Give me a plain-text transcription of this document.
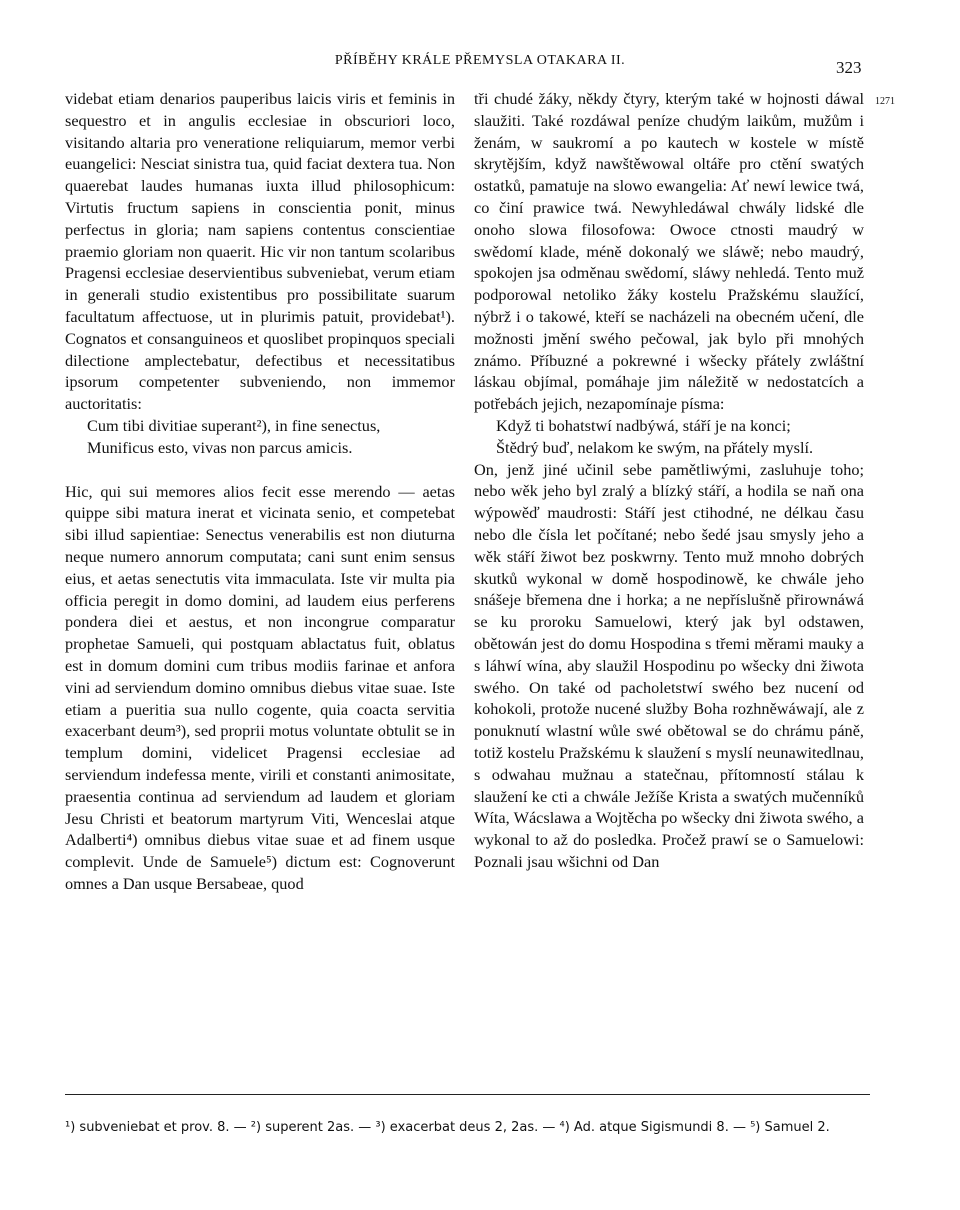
PŘÍBĚHY KRÁLE PŘEMYSLA OTAKARA II.	323
1271

videbat etiam denarios pauperibus laicis viris et feminis in sequestro et in angulis ecclesiae in obscuriori loco, visitando altaria pro veneratione reliquiarum, memor verbi euangelici: Nesciat sinistra tua, quid faciat dextera tua. Non quaerebat laudes humanas iuxta illud philosophicum: Virtutis fructum sapiens in conscientia ponit, minus perfectus in gloria; nam sapiens contentus conscientiae praemio gloriam non quaerit. Hic vir non tantum scolaribus Pragensi ecclesiae deservientibus subveniebat, verum etiam in generali studio existentibus pro possibilitate suarum facultatum affectuose, ut in plurimis patuit, providebat¹). Cognatos et consanguineos et quoslibet propinquos speciali dilectione amplectebatur, defectibus et necessitatibus ipsorum competenter subveniendo, non immemor auctoritatis:

Cum tibi divitiae superant²), in fine senectus,

Munificus esto, vivas non parcus amicis.

Hic, qui sui memores alios fecit esse merendo — aetas quippe sibi matura inerat et vicinata senio, et competebat sibi illud sapientiae: Senectus venerabilis est non diuturna neque numero annorum computata; cani sunt enim sensus eius, et aetas senectutis vita immaculata. Iste vir multa pia officia peregit in domo domini, ad laudem eius perferens pondera diei et aestus, et non incongrue comparatur prophetae Samueli, qui postquam ablactatus fuit, oblatus est in domum domini cum tribus modiis farinae et anfora vini ad serviendum domino omnibus diebus vitae suae. Iste etiam a pueritia sua nullo cogente, quia coacta servitia exacerbant deum³), sed proprii motus voluntate obtulit se in templum domini, videlicet Pragensi ecclesiae ad serviendum indefessa mente, virili et constanti animositate, praesentia continua ad serviendum ad laudem et gloriam Jesu Christi et beatorum martyrum Viti, Wenceslai atque Adalberti⁴) omnibus diebus vitae suae et ad finem usque complevit. Unde de Samuele⁵) dictum est: Cognoverunt omnes a Dan usque Bersabeae, quod

tři chudé žáky, někdy čtyry, kterým také w hojnosti dáwal slaužiti. Také rozdáwal peníze chudým laikům, mužům i ženám, w saukromí a po kautech w kostele w místě skrytějším, když nawštěwowal oltáře pro ctění swatých ostatků, pamatuje na slowo ewangelia: Ať newí lewice twá, co činí prawice twá. Newyhledáwal chwály lidské dle onoho slowa filosofowa: Owoce ctnosti maudrý w swědomí klade, méně dokonalý we sláwě; nebo maudrý, spokojen jsa odměnau swědomí, sláwy nehledá. Tento muž podporowal netoliko žáky kostelu Pražskému slaužící, nýbrž i o takowé, kteří se nacházeli na obecném učení, dle možnosti jmění swého pečowal, jak bylo při mnohých známo. Příbuzné a pokrewné i wšecky přátely zwláštní láskau objímal, pomáhaje jim náležitě w nedostatcích a potřebách jejich, nezapomínaje písma:

Když ti bohatstwí nadbýwá, stáří je na konci;

Štědrý buď, nelakom ke swým, na přátely myslí.

On, jenž jiné učinil sebe pamětliwými, zasluhuje toho; nebo wěk jeho byl zralý a blízký stáří, a hodila se naň ona wýpowěď maudrosti: Stáří jest ctihodné, ne délkau času nebo dle čísla let počítané; nebo šedé jsau smysly jeho a wěk stáří žiwot bez poskwrny. Tento muž mnoho dobrých skutků wykonal w domě hospodinowě, ke chwále jeho snášeje břemena dne i horka; a ne nepříslušně přirownáwá se ku proroku Samuelowi, který jak byl odstawen, obětowán jest do domu Hospodina s třemi měrami mauky a s láhwí wína, aby slaužil Hospodinu po wšecky dni žiwota swého. On také od pacholetstwí swého bez nucení od kohokoli, protože nucené služby Boha rozhněwáwají, ale z ponuknutí wlastní wůle swé obětowal se do chrámu páně, totiž kostelu Pražskému k slaužení s myslí neunawitedlnau, s odwahau mužnau a statečnau, přítomností stálau k slaužení ke cti a chwále Ježíše Krista a swatých mučenníků Wíta, Wácslawa a Wojtěcha po wšecky dni žiwota swého, a wykonal to až do posledka. Pročež prawí se o Samuelowi: Poznali jsau wšichni od Dan

¹) subveniebat et prov. 8. — ²) superent 2as. — ³) exacerbat deus 2, 2as. — ⁴) Ad. atque Sigismundi 8. — ⁵) Samuel 2.
